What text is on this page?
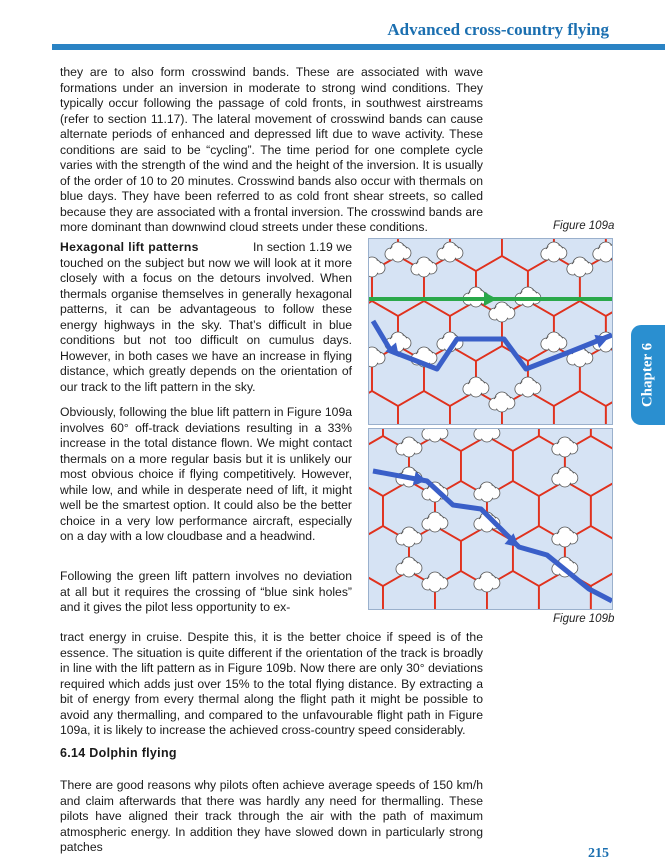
Advanced cross-country flying

they are to also form crosswind bands. These are associated with wave formations under an inversion in moderate to strong wind conditions. They typically occur following the passage of cold fronts, in southwest airstreams (refer to section 11.17). The lateral movement of crosswind bands can cause alternate periods of enhanced and depressed lift due to wave activity. These conditions are said to be “cycling”. The time period for one complete cycle varies with the strength of the wind and the height of the inversion. It is usually of the order of 10 to 20 minutes. Crosswind bands also occur with thermals on blue days. They have been referred to as cold front shear streets, so called because they are associated with a frontal inversion. The crosswind bands are more dominant than downwind cloud streets under these conditions.	Figure 109a

Hexagonal lift patterns	In section 1.19 we touched on the subject but now we will look at it more closely with a focus on the detours involved. When thermals organise themselves in generally hexagonal patterns, it can be advantageous to follow these energy highways in the sky. That’s difficult in blue conditions but not too difficult on cumulus days. However, in both cases we have an increase in flying distance, which greatly depends on the orientation of our track to the lift pattern in the sky.

Obviously, following the blue lift pattern in Figure 109a involves 60° off-track deviations resulting in a 33% increase in the total distance flown. We might contact thermals on a more regular basis but it is unlikely our most obvious choice if flying competitively. However, while low, and while in desperate need of lift, it might well be the smartest option. It could also be the better choice in a very low performance aircraft, especially on a day with a low cloudbase and a headwind.

Following the green lift pattern involves no deviation at all but it requires the crossing of “blue sink holes” and it gives the pilot less opportunity to ex-

Figure 109b

tract energy in cruise. Despite this, it is the better choice if speed is of the essence. The situation is quite different if the orientation of the track is broadly in line with the lift pattern as in Figure 109b. Now there are only 30° deviations required which adds just over 15% to the total flying distance. By extracting a bit of energy from every thermal along the flight path it might be possible to avoid any thermalling, and compared to the unfavourable flight path in Figure 109a, it is likely to increase the achieved cross-country speed considerably.

6.14 Dolphin flying

There are good reasons why pilots often achieve average speeds of 150 km/h and claim afterwards that there was hardly any need for thermalling. These pilots have aligned their track through the air with the path of maximum atmospheric energy. In addition they have slowed down in particularly strong patches

Chapter 6
215
